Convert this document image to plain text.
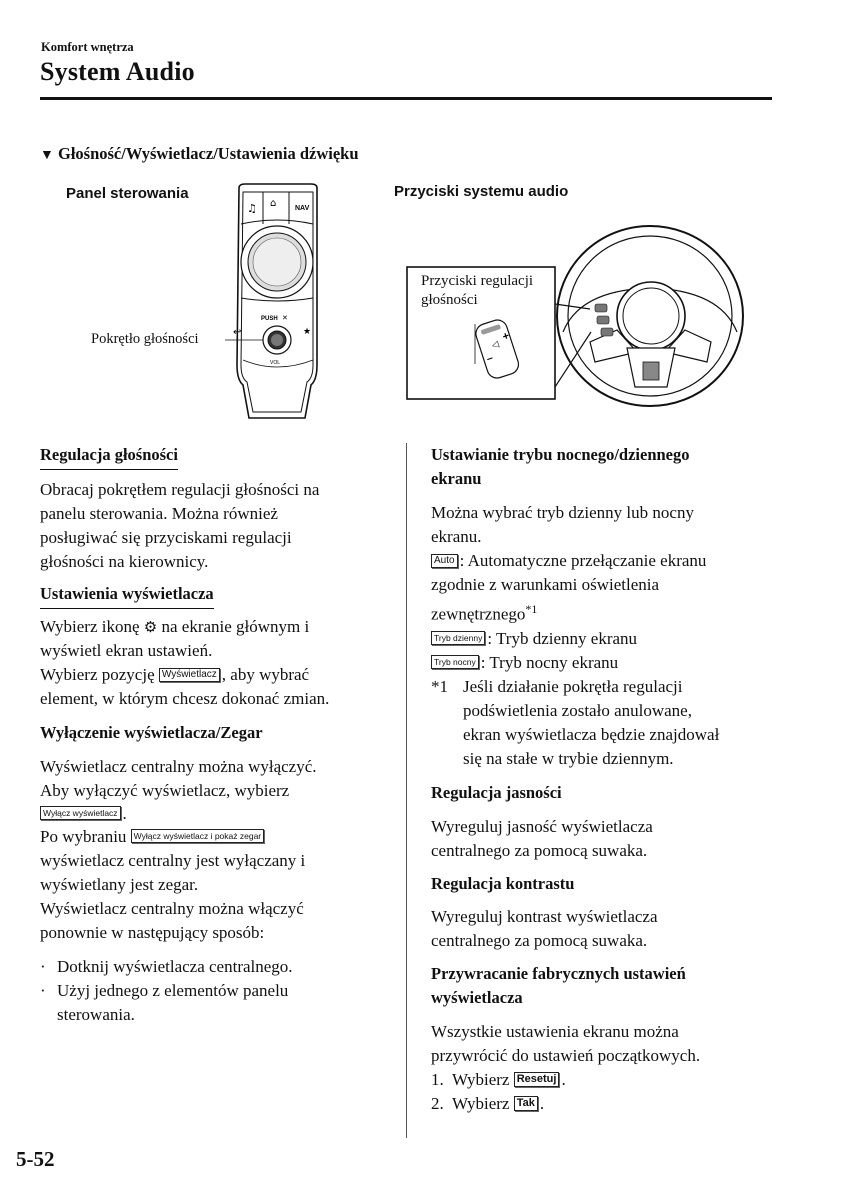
Komfort wnętrza
System Audio
▼ Głośność/Wyświetlacz/Ustawienia dźwięku
Panel sterowania	Przyciski systemu audio
♫ ⌂	NAV
PUSH ✕
↩	★
VOL
Pokrętło głośności	◁
+
–
Przyciski regulacji
głośności

Regulacja głośności

Obracaj pokrętłem regulacji głośności na

panelu sterowania. Można również

posługiwać się przyciskami regulacji

głośności na kierownicy.

Ustawienia wyświetlacza

Wybierz ikonę ⚙ na ekranie głównym i

wyświetl ekran ustawień.

Wybierz pozycję Wyświetlacz , aby wybrać

element, w którym chcesz dokonać zmian.

Wyłączenie wyświetlacza/Zegar

Wyświetlacz centralny można wyłączyć.

Aby wyłączyć wyświetlacz, wybierz

Wyłącz wyświetlacz .

Po wybraniu Wyłącz wyświetlacz i pokaż zegar

wyświetlacz centralny jest wyłączany i

wyświetlany jest zegar.

Wyświetlacz centralny można włączyć

ponownie w następujący sposób:

· Dotknij wyświetlacza centralnego.

· Użyj jednego z elementów panelu

sterowania.

Ustawianie trybu nocnego/dziennego

ekranu

Można wybrać tryb dzienny lub nocny

ekranu.

Auto : Automatyczne przełączanie ekranu

zgodnie z warunkami oświetlenia

zewnętrznego$^{*1}$

Tryb dzienny : Tryb dzienny ekranu

Tryb nocny : Tryb nocny ekranu

*1 Jeśli działanie pokrętła regulacji

podświetlenia zostało anulowane,

ekran wyświetlacza będzie znajdował

się na stałe w trybie dziennym.

Regulacja jasności

Wyreguluj jasność wyświetlacza

centralnego za pomocą suwaka.

Regulacja kontrastu

Wyreguluj kontrast wyświetlacza

centralnego za pomocą suwaka.

Przywracanie fabrycznych ustawień

wyświetlacza

Wszystkie ustawienia ekranu można

przywrócić do ustawień początkowych.

1.  Wybierz Resetuj .

2.  Wybierz Tak .

5-52
